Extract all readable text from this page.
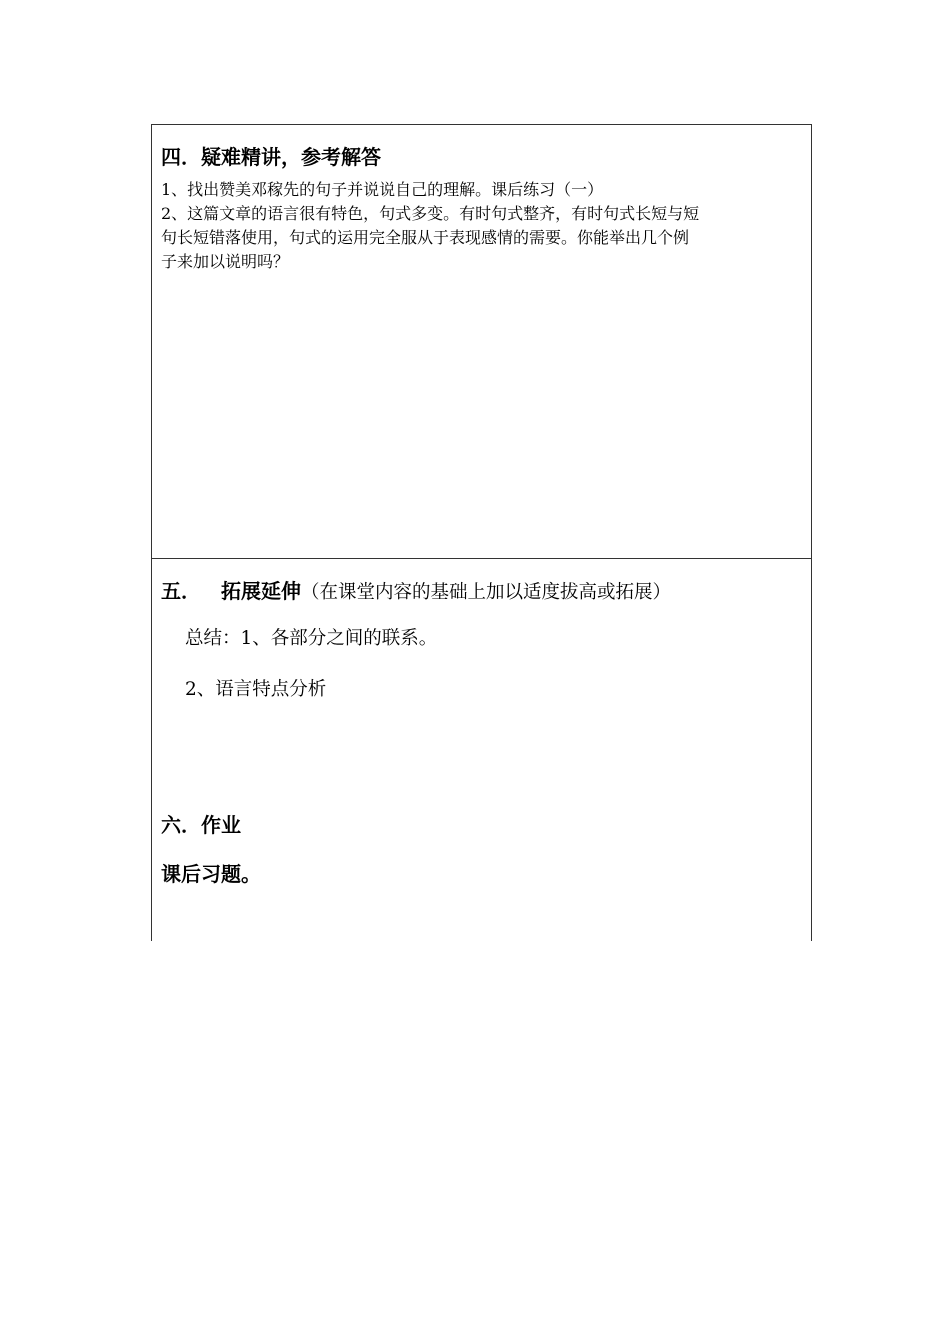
四．疑难精讲，参考解答
1、找出赞美邓稼先的句子并说说自己的理解。课后练习（一）
2、这篇文章的语言很有特色，句式多变。有时句式整齐，有时句式长短与短
句长短错落使用，句式的运用完全服从于表现感情的需要。你能举出几个例
子来加以说明吗？
五． 拓展延伸（在课堂内容的基础上加以适度拔高或拓展）
总结：1、各部分之间的联系。
2、语言特点分析
六．作业
课后习题。
